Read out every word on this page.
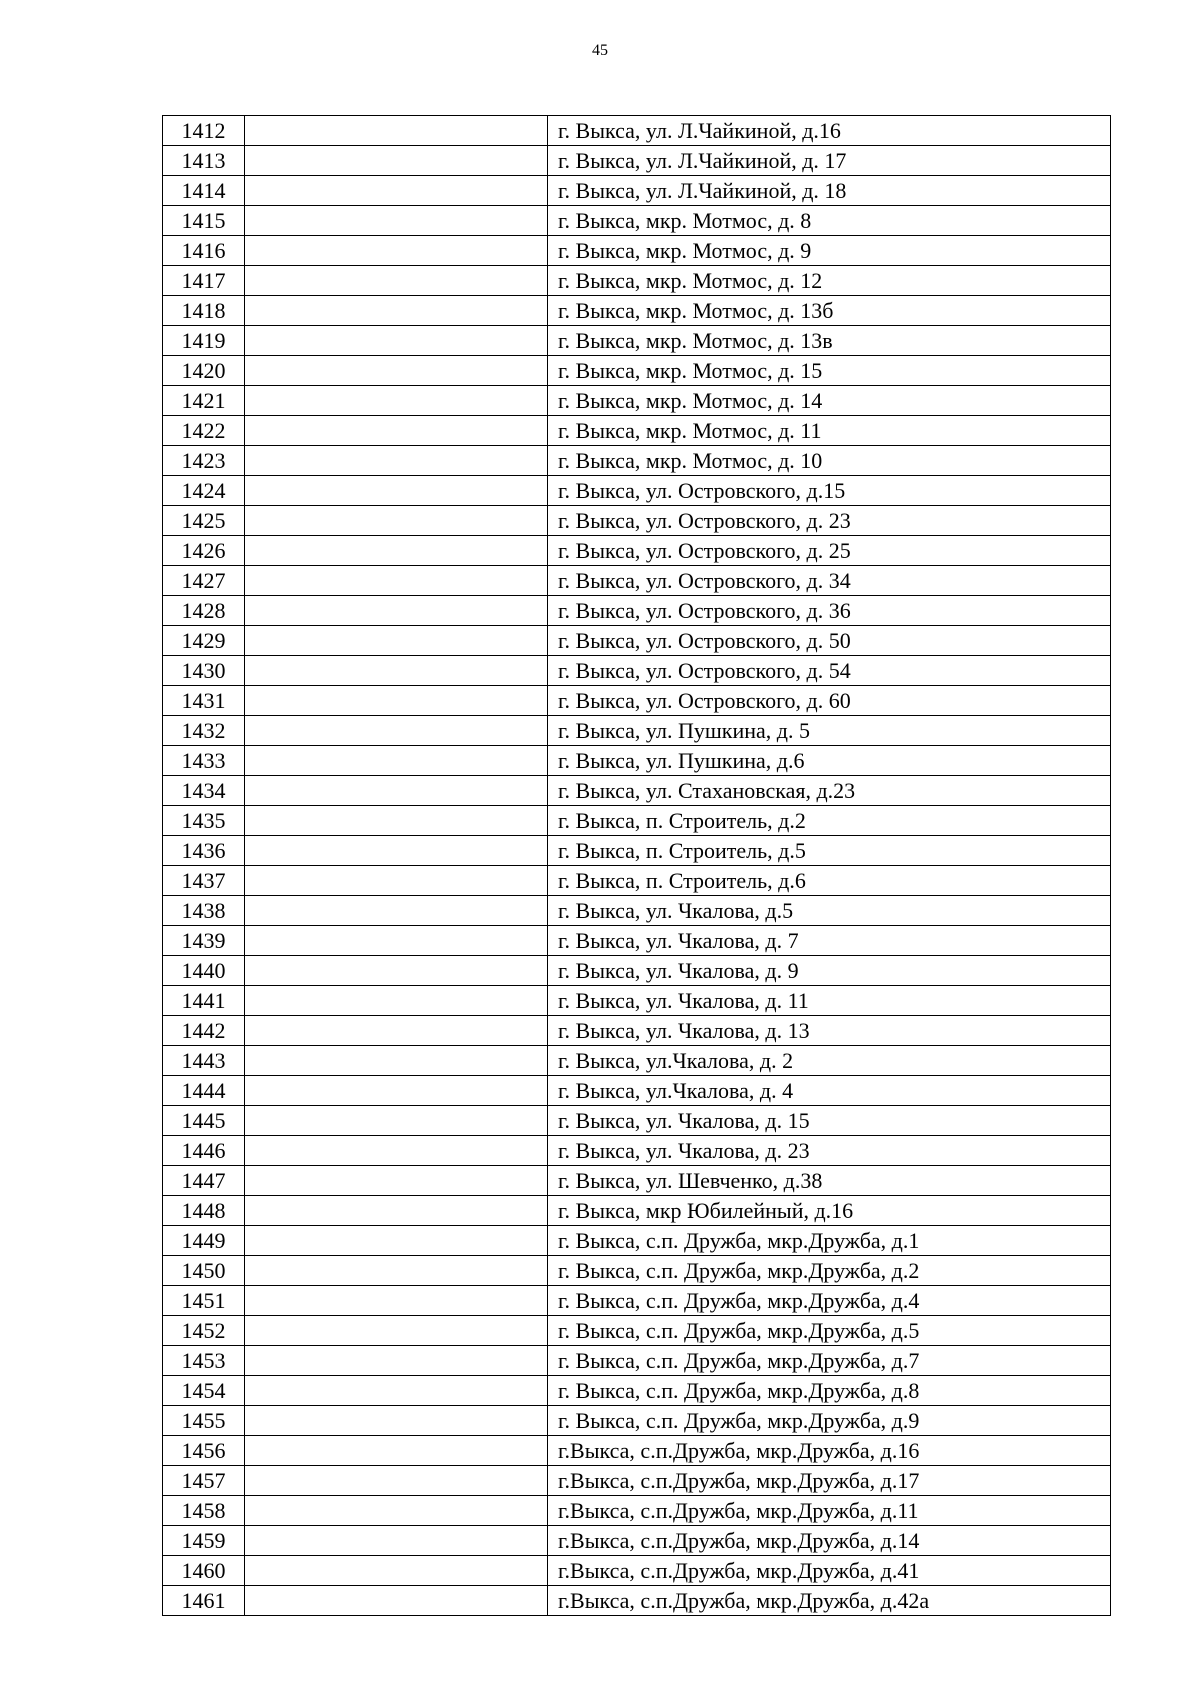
45
1412		г. Выкса, ул. Л.Чайкиной, д.16
1413		г. Выкса, ул. Л.Чайкиной, д. 17
1414		г. Выкса, ул. Л.Чайкиной, д. 18
1415		г. Выкса, мкр. Мотмос, д. 8
1416		г. Выкса, мкр. Мотмос, д. 9
1417		г. Выкса, мкр. Мотмос, д. 12
1418		г. Выкса, мкр. Мотмос, д. 13б
1419		г. Выкса, мкр. Мотмос, д. 13в
1420		г. Выкса, мкр. Мотмос, д. 15
1421		г. Выкса, мкр. Мотмос, д. 14
1422		г. Выкса, мкр. Мотмос, д. 11
1423		г. Выкса, мкр. Мотмос, д. 10
1424		г. Выкса, ул. Островского, д.15
1425		г. Выкса, ул. Островского, д. 23
1426		г. Выкса, ул. Островского, д. 25
1427		г. Выкса, ул. Островского, д. 34
1428		г. Выкса, ул. Островского, д. 36
1429		г. Выкса, ул. Островского, д. 50
1430		г. Выкса, ул. Островского, д. 54
1431		г. Выкса, ул. Островского, д. 60
1432		г. Выкса, ул. Пушкина, д. 5
1433		г. Выкса, ул. Пушкина, д.6
1434		г. Выкса, ул. Стахановская, д.23
1435		г. Выкса, п. Строитель, д.2
1436		г. Выкса, п. Строитель, д.5
1437		г. Выкса, п. Строитель, д.6
1438		г. Выкса, ул. Чкалова, д.5
1439		г. Выкса, ул. Чкалова, д. 7
1440		г. Выкса, ул. Чкалова, д. 9
1441		г. Выкса, ул. Чкалова, д. 11
1442		г. Выкса, ул. Чкалова, д. 13
1443		г. Выкса, ул.Чкалова, д. 2
1444		г. Выкса, ул.Чкалова, д. 4
1445		г. Выкса, ул. Чкалова, д. 15
1446		г. Выкса, ул. Чкалова, д. 23
1447		г. Выкса, ул. Шевченко, д.38
1448		г. Выкса, мкр Юбилейный, д.16
1449		г. Выкса, с.п. Дружба, мкр.Дружба, д.1
1450		г. Выкса, с.п. Дружба, мкр.Дружба, д.2
1451		г. Выкса, с.п. Дружба, мкр.Дружба, д.4
1452		г. Выкса, с.п. Дружба, мкр.Дружба, д.5
1453		г. Выкса, с.п. Дружба, мкр.Дружба, д.7
1454		г. Выкса, с.п. Дружба, мкр.Дружба, д.8
1455		г. Выкса, с.п. Дружба, мкр.Дружба, д.9
1456		г.Выкса, с.п.Дружба, мкр.Дружба, д.16
1457		г.Выкса, с.п.Дружба, мкр.Дружба, д.17
1458		г.Выкса, с.п.Дружба, мкр.Дружба, д.11
1459		г.Выкса, с.п.Дружба, мкр.Дружба, д.14
1460		г.Выкса, с.п.Дружба, мкр.Дружба, д.41
1461		г.Выкса, с.п.Дружба, мкр.Дружба, д.42а
